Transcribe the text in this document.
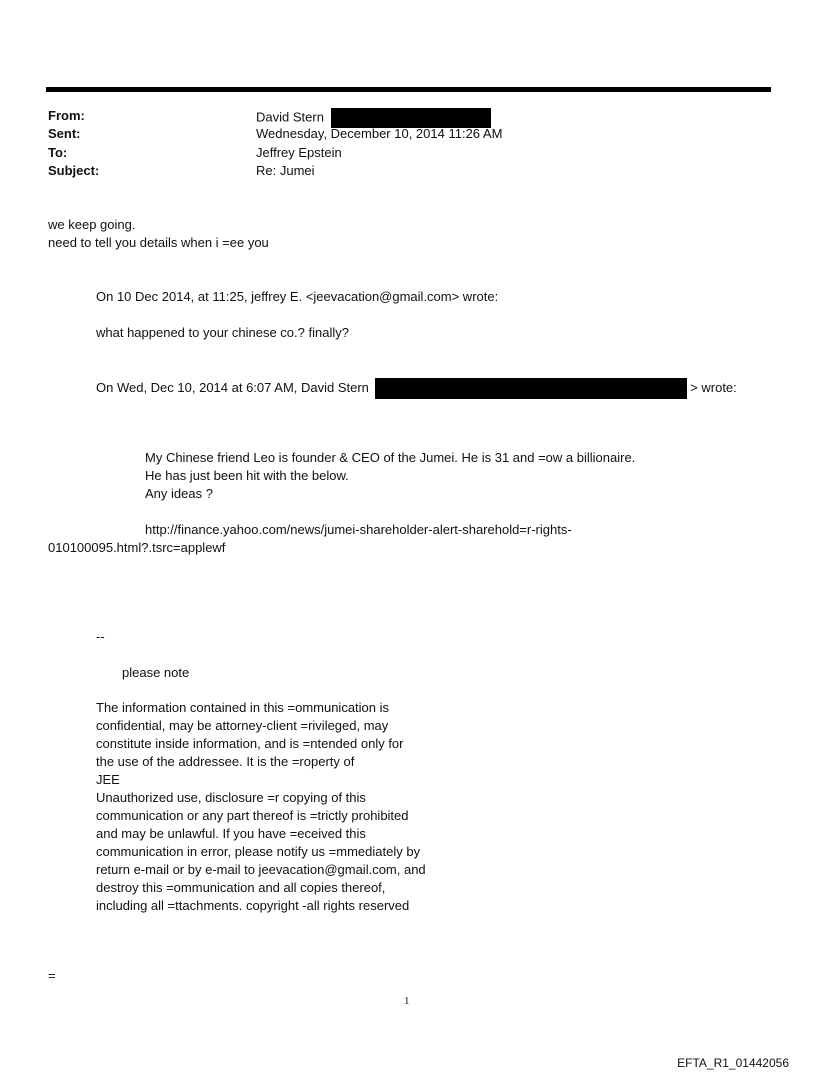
From:	David Stern
Sent:	Wednesday, December 10, 2014 11:26 AM
To:	Jeffrey Epstein
Subject:	Re: Jumei
we keep going.
need to tell you details when i =ee you
On 10 Dec 2014, at 11:25, jeffrey E. <jeevacation@gmail.com> wrote:
what happened to your chinese co.? finally?
On Wed, Dec 10, 2014 at 6:07 AM, David Stern	> wrote:
My Chinese friend Leo is founder & CEO of the Jumei. He is 31 and =ow a billionaire.
He has just been hit with the below.
Any ideas ?
http://finance.yahoo.com/news/jumei-shareholder-alert-sharehold=r-rights-
010100095.html?.tsrc=applewf
--
please note
The information contained in this =ommunication is
confidential, may be attorney-client =rivileged, may
constitute inside information, and is =ntended only for
the use of the addressee. It is the =roperty of
JEE
Unauthorized use, disclosure =r copying of this
communication or any part thereof is =trictly prohibited
and may be unlawful. If you have =eceived this
communication in error, please notify us =mmediately by
return e-mail or by e-mail to jeevacation@gmail.com, and
destroy this =ommunication and all copies thereof,
including all =ttachments. copyright -all rights reserved
=
1
EFTA_R1_01442056
